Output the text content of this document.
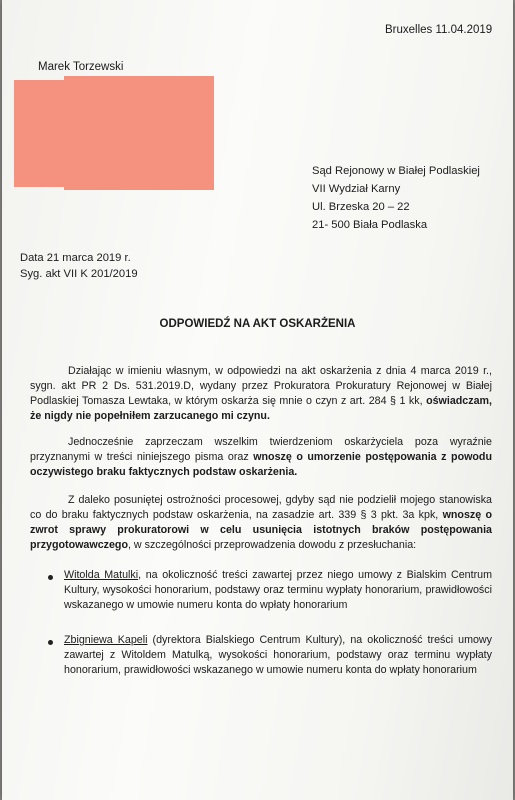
Bruxelles 11.04.2019
Marek Torzewski
Sąd Rejonowy w Białej Podlaskiej
VII Wydział Karny
Ul. Brzeska 20 – 22
21- 500 Biała Podlaska
Data 21 marca 2019 r.
Syg. akt VII K 201/2019
ODPOWIEDŹ NA AKT OSKARŻENIA
Działając w imieniu własnym, w odpowiedzi na akt oskarżenia z dnia 4 marca 2019 r., sygn. akt PR 2 Ds. 531.2019.D, wydany przez Prokuratora Prokuratury Rejonowej w Białej Podlaskiej Tomasza Lewtaka, w którym oskarża się mnie o czyn z art. 284 § 1 kk, oświadczam, że nigdy nie popełniłem zarzucanego mi czynu.
Jednocześnie zaprzeczam wszelkim twierdzeniom oskarżyciela poza wyraźnie przyznanymi w treści niniejszego pisma oraz wnoszę o umorzenie postępowania z powodu oczywistego braku faktycznych podstaw oskarżenia.
Z daleko posuniętej ostrożności procesowej, gdyby sąd nie podzielił mojego stanowiska co do braku faktycznych podstaw oskarżenia, na zasadzie art. 339 § 3 pkt. 3a kpk, wnoszę o zwrot sprawy prokuratorowi w celu usunięcia istotnych braków postępowania przygotowawczego, w szczególności przeprowadzenia dowodu z przesłuchania:
Witolda Matulki, na okoliczność treści zawartej przez niego umowy z Bialskim Centrum Kultury, wysokości honorarium, podstawy oraz terminu wypłaty honorarium, prawidłowości wskazanego w umowie numeru konta do wpłaty honorarium
Zbigniewa Kapeli (dyrektora Bialskiego Centrum Kultury), na okoliczność treści umowy zawartej z Witoldem Matulką, wysokości honorarium, podstawy oraz terminu wypłaty honorarium, prawidłowości wskazanego w umowie numeru konta do wpłaty honorarium
